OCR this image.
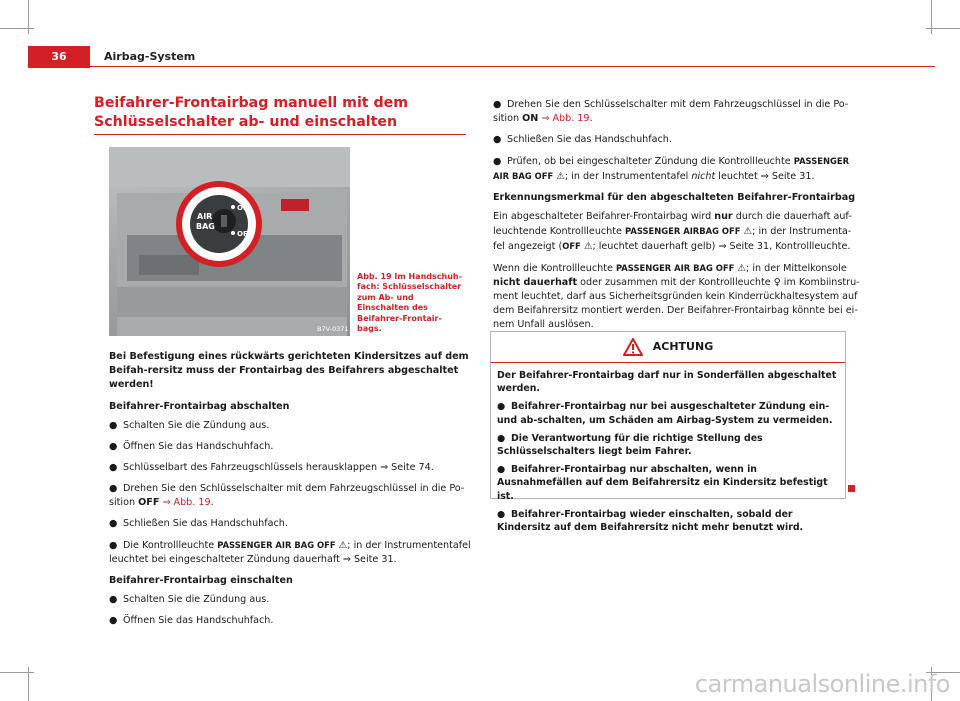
36	Airbag-System
Beifahrer-Frontairbag manuell mit dem Schlüsselschalter ab- und einschalten
AIR
BAG
ON
OFF
B7V-0371
Abb. 19 Im Handschuh-fach: Schlüsselschalter zum Ab- und Einschalten des Beifahrer-Frontair-bags.

Bei Befestigung eines rückwärts gerichteten Kindersitzes auf dem Beifah-rersitz muss der Frontairbag des Beifahrers abgeschaltet werden!

Beifahrer-Frontairbag abschalten
● Schalten Sie die Zündung aus.
● Öffnen Sie das Handschuhfach.
● Schlüsselbart des Fahrzeugschlüssels herausklappen ⇒ Seite 74.
● Drehen Sie den Schlüsselschalter mit dem Fahrzeugschlüssel in die Po-sition OFF ⇒ Abb. 19.
● Schließen Sie das Handschuhfach.
● Die Kontrollleuchte PASSENGER AIR BAG OFF ⚠; in der Instrumententafel leuchtet bei eingeschalteter Zündung dauerhaft ⇒ Seite 31.
Beifahrer-Frontairbag einschalten
● Schalten Sie die Zündung aus.
● Öffnen Sie das Handschuhfach.
● Drehen Sie den Schlüsselschalter mit dem Fahrzeugschlüssel in die Po-sition ON ⇒ Abb. 19.
● Schließen Sie das Handschuhfach.
● Prüfen, ob bei eingeschalteter Zündung die Kontrollleuchte PASSENGER AIR BAG OFF ⚠; in der Instrumententafel nicht leuchtet ⇒ Seite 31.
Erkennungsmerkmal für den abgeschalteten Beifahrer-Frontairbag

Ein abgeschalteter Beifahrer-Frontairbag wird nur durch die dauerhaft auf-leuchtende Kontrollleuchte PASSENGER AIRBAG OFF ⚠; in der Instrumenta-fel angezeigt (OFF ⚠; leuchtet dauerhaft gelb) ⇒ Seite 31, Kontrollleuchte.

Wenn die Kontrollleuchte PASSENGER AIR BAG OFF ⚠; in der Mittelkonsole nicht dauerhaft oder zusammen mit der Kontrollleuchte ♀ im Kombiinstru-ment leuchtet, darf aus Sicherheitsgründen kein Kinderrückhaltesystem auf dem Beifahrersitz montiert werden. Der Beifahrer-Frontairbag könnte bei ei-nem Unfall auslösen.

ACHTUNG

Der Beifahrer-Frontairbag darf nur in Sonderfällen abgeschaltet werden.

● Beifahrer-Frontairbag nur bei ausgeschalteter Zündung ein- und ab-schalten, um Schäden am Airbag-System zu vermeiden.

● Die Verantwortung für die richtige Stellung des Schlüsselschalters liegt beim Fahrer.

● Beifahrer-Frontairbag nur abschalten, wenn in Ausnahmefällen auf dem Beifahrersitz ein Kindersitz befestigt ist.

● Beifahrer-Frontairbag wieder einschalten, sobald der Kindersitz auf dem Beifahrersitz nicht mehr benutzt wird.

carmanualsonline.info
